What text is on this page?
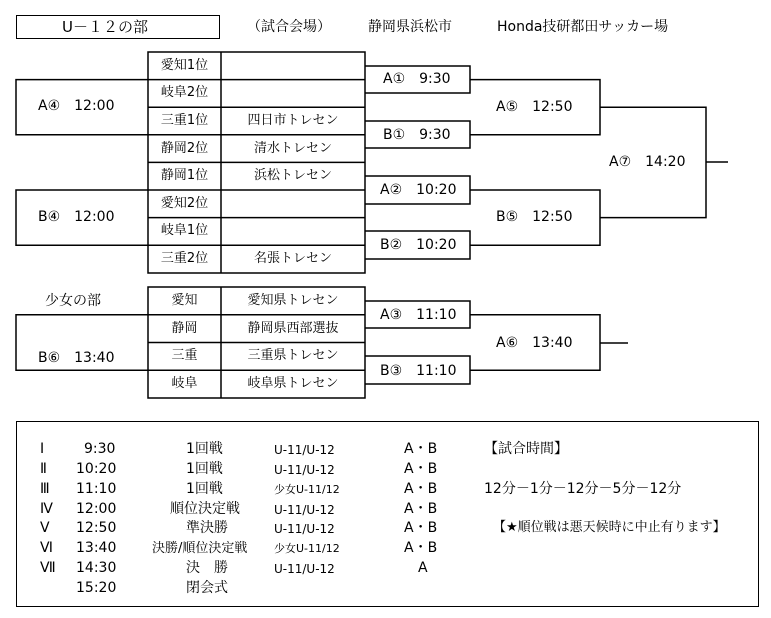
U－１２の部	（試合会場）	静岡県浜松市	Honda技研都田サッカー場
愛知1位
岐阜2位
三重1位	四日市トレセン
静岡2位	清水トレセン
静岡1位	浜松トレセン
愛知2位
岐阜1位
三重2位	名張トレセン
A④　12:00
B④　12:00
A①　9:30
B①　9:30
A②　10:20
B②　10:20
A⑤　12:50
B⑤　12:50
A⑦　14:20
少女の部	愛知	愛知県トレセン
静岡	静岡県西部選抜
三重	三重県トレセン
岐阜	岐阜県トレセン
B⑥　13:40
A③　11:10
B③　11:10
A⑥　13:40
Ⅰ	9:30	1回戦	U-11/U-12	A・B
Ⅱ 10:20	1回戦	U-11/U-12	A・B
Ⅲ 11:10	1回戦	少女U-11/12	A・B
Ⅳ 12:00	順位決定戦	U-11/U-12	A・B
Ⅴ 12:50	準決勝	U-11/U-12	A・B
Ⅵ 13:40	決勝/順位決定戦 少女U-11/12	A・B
Ⅶ 14:30	決　勝	U-11/U-12	A
15:20	閉会式
【試合時間】
12分－1分－12分－5分－12分
【★順位戦は悪天候時に中止有ります】
